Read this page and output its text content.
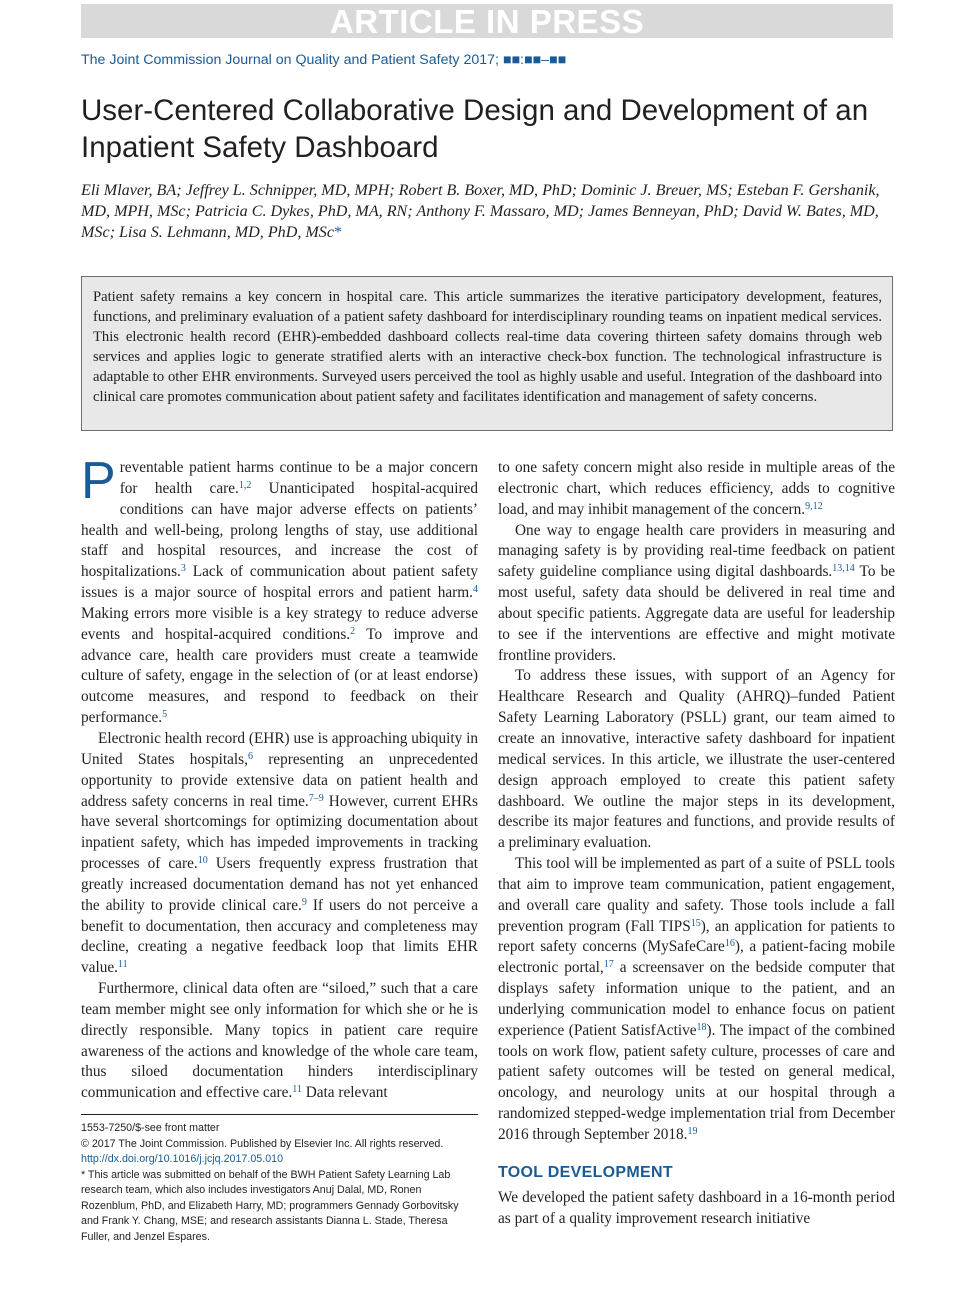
ARTICLE IN PRESS
The Joint Commission Journal on Quality and Patient Safety 2017; ■■:■■–■■
User-Centered Collaborative Design and Development of an Inpatient Safety Dashboard
Eli Mlaver, BA; Jeffrey L. Schnipper, MD, MPH; Robert B. Boxer, MD, PhD; Dominic J. Breuer, MS; Esteban F. Gershanik, MD, MPH, MSc; Patricia C. Dykes, PhD, MA, RN; Anthony F. Massaro, MD; James Benneyan, PhD; David W. Bates, MD, MSc; Lisa S. Lehmann, MD, PhD, MSc*

Patient safety remains a key concern in hospital care. This article summarizes the iterative participatory development, features, functions, and preliminary evaluation of a patient safety dashboard for interdisciplinary rounding teams on inpatient medical services. This electronic health record (EHR)-embedded dashboard collects real-time data covering thirteen safety domains through web services and applies logic to generate stratified alerts with an interactive check-box function. The technological infrastructure is adaptable to other EHR environments. Surveyed users perceived the tool as highly usable and useful. Integration of the dashboard into clinical care promotes communication about patient safety and facilitates identification and management of safety concerns.

Preventable patient harms continue to be a major concern for health care.$^{1,2}$ Unanticipated hospital-acquired conditions can have major adverse effects on patients’ health and well-being, prolong lengths of stay, use additional staff and hospital resources, and increase the cost of hospitalizations.$^3$ Lack of communication about patient safety issues is a major source of hospital errors and patient harm.$^4$ Making errors more visible is a key strategy to reduce adverse events and hospital-acquired conditions.$^2$ To improve and advance care, health care providers must create a teamwide culture of safety, engage in the selection of (or at least endorse) outcome measures, and respond to feedback on their performance.$^5$

Electronic health record (EHR) use is approaching ubiquity in United States hospitals,$^6$ representing an unprecedented opportunity to provide extensive data on patient health and address safety concerns in real time.$^{7-9}$ However, current EHRs have several shortcomings for optimizing documentation about inpatient safety, which has impeded improvements in tracking processes of care.$^{10}$ Users frequently express frustration that greatly increased documentation demand has not yet enhanced the ability to provide clinical care.$^9$ If users do not perceive a benefit to documentation, then accuracy and completeness may decline, creating a negative feedback loop that limits EHR value.$^{11}$

Furthermore, clinical data often are “siloed,” such that a care team member might see only information for which she or he is directly responsible. Many topics in patient care require awareness of the actions and knowledge of the whole care team, thus siloed documentation hinders interdisciplinary communication and effective care.$^{11}$ Data relevant

to one safety concern might also reside in multiple areas of the electronic chart, which reduces efficiency, adds to cognitive load, and may inhibit management of the concern.$^{9,12}$

One way to engage health care providers in measuring and managing safety is by providing real-time feedback on patient safety guideline compliance using digital dashboards.$^{13,14}$ To be most useful, safety data should be delivered in real time and about specific patients. Aggregate data are useful for leadership to see if the interventions are effective and might motivate frontline providers.

To address these issues, with support of an Agency for Healthcare Research and Quality (AHRQ)–funded Patient Safety Learning Laboratory (PSLL) grant, our team aimed to create an innovative, interactive safety dashboard for inpatient medical services. In this article, we illustrate the user-centered design approach employed to create this patient safety dashboard. We outline the major steps in its development, describe its major features and functions, and provide results of a preliminary evaluation.

This tool will be implemented as part of a suite of PSLL tools that aim to improve team communication, patient engagement, and overall care quality and safety. Those tools include a fall prevention program (Fall TIPS$^{15}$), an application for patients to report safety concerns (MySafeCare$^{16}$), a patient-facing mobile electronic portal,$^{17}$ a screensaver on the bedside computer that displays safety information unique to the patient, and an underlying communication model to enhance focus on patient experience (Patient SatisfActive$^{18}$). The impact of the combined tools on work flow, patient safety culture, processes of care and patient safety outcomes will be tested on general medical, oncology, and neurology units at our hospital through a randomized stepped-wedge implementation trial from December 2016 through September 2018.19

TOOL DEVELOPMENT

We developed the patient safety dashboard in a 16-month period as part of a quality improvement research initiative

1553-7250/$-see front matter
© 2017 The Joint Commission. Published by Elsevier Inc. All rights reserved.
http://dx.doi.org/10.1016/j.jcjq.2017.05.010
* This article was submitted on behalf of the BWH Patient Safety Learning Lab research team, which also includes investigators Anuj Dalal, MD, Ronen Rozenblum, PhD, and Elizabeth Harry, MD; programmers Gennady Gorbovitsky and Frank Y. Chang, MSE; and research assistants Dianna L. Stade, Theresa Fuller, and Jenzel Espares.
